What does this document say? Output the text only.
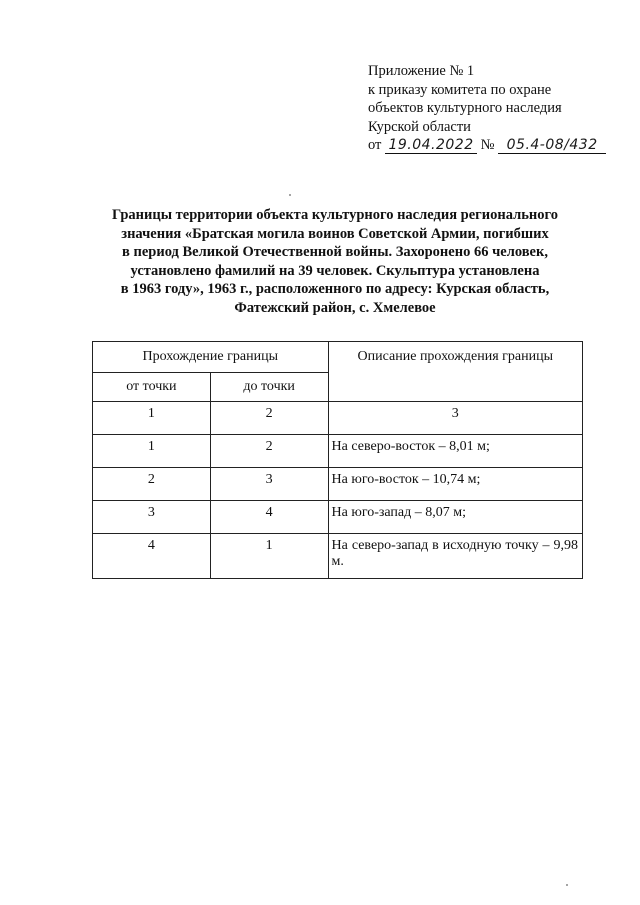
Приложение № 1
к приказу комитета по охране
объектов культурного наследия
Курской области
от 19.04.2022 № 05.4-08/432
Границы территории объекта культурного наследия регионального
значения «Братская могила воинов Советской Армии, погибших
в период Великой Отечественной войны. Захоронено 66 человек,
установлено фамилий на 39 человек. Скульптура установлена
в 1963 году», 1963 г., расположенного по адресу: Курская область,
Фатежский район, с. Хмелевое
Прохождение границы		Описание прохождения границы
от точки	до точки	
1	2	3
1	2	На северо-восток – 8,01 м;
2	3	На юго-восток – 10,74 м;
3	4	На юго-запад – 8,07 м;
4	1	На северо-запад в исходную точку – 9,98 м.
